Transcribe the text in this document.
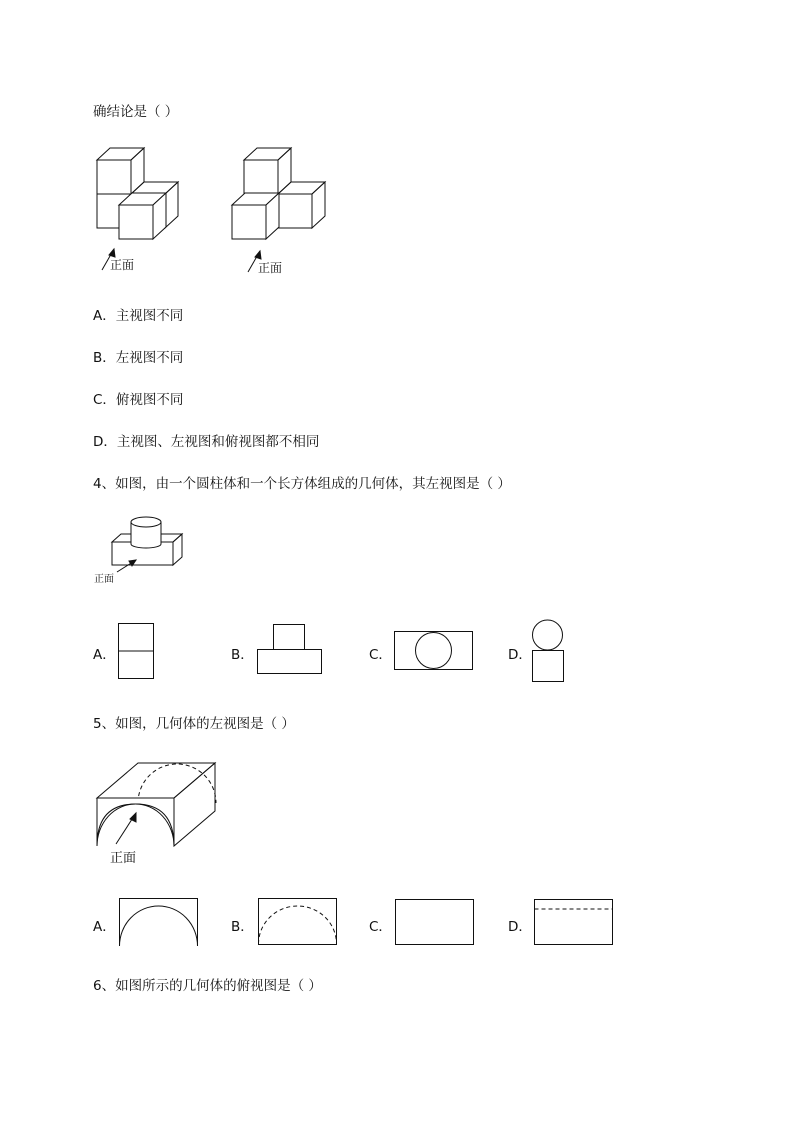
确结论是（ ）
正面	正面
A．主视图不同
B．左视图不同
C．俯视图不同
D．主视图、左视图和俯视图都不相同
4、如图，由一个圆柱体和一个长方体组成的几何体，其左视图是（ ）
正面
A．	B．	C．	D．
5、如图，几何体的左视图是（ ）
正面
A．	B．	C．	D．
6、如图所示的几何体的俯视图是（ ）
